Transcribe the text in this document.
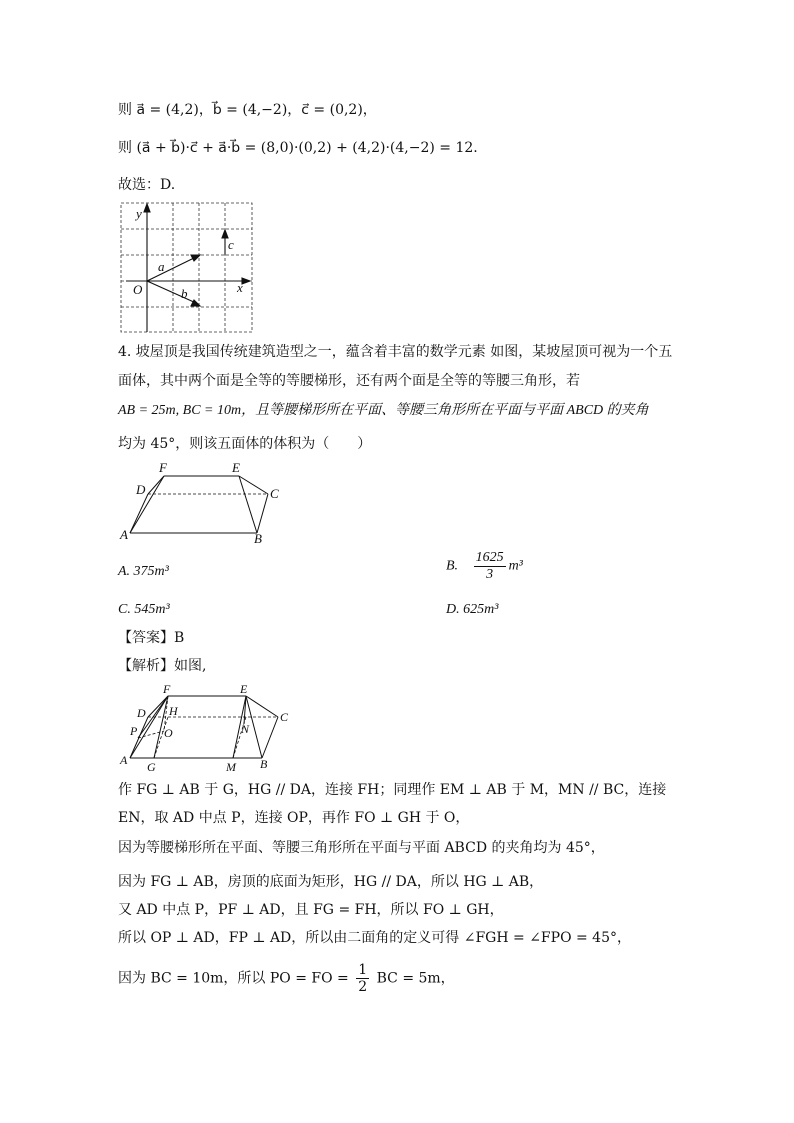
则 a⃗ = (4,2)，b⃗ = (4,−2)，c⃗ = (0,2)，
则 (a⃗ + b⃗)·c⃗ + a⃗·b⃗ = (8,0)·(0,2) + (4,2)·(4,−2) = 12.
故选：D.
y
x
O
a⃗
b⃗
c⃗
4. 坡屋顶是我国传统建筑造型之一，蕴含着丰富的数学元素 如图，某坡屋顶可视为一个五
面体，其中两个面是全等的等腰梯形，还有两个面是全等的等腰三角形，若
AB = 25m, BC = 10m，且等腰梯形所在平面、等腰三角形所在平面与平面 ABCD 的夹角
均为 45°，则该五面体的体积为（　　）
F	E
D	C
A	B
A. 375m³	B. $\frac{1625}{3} m^3$
C. 545m³	D. 625m³
【答案】B
【解析】如图,
F	E
D H	C
P O	N
A G	M B
作 FG ⊥ AB 于 G，HG // DA，连接 FH；同理作 EM ⊥ AB 于 M，MN // BC，连接
EN，取 AD 中点 P，连接 OP，再作 FO ⊥ GH 于 O，
因为等腰梯形所在平面、等腰三角形所在平面与平面 ABCD 的夹角均为 45°，
因为 FG ⊥ AB，房顶的底面为矩形，HG // DA，所以 HG ⊥ AB，
又 AD 中点 P，PF ⊥ AD，且 FG = FH，所以 FO ⊥ GH，
所以 OP ⊥ AD，FP ⊥ AD，所以由二面角的定义可得 ∠FGH = ∠FPO = 45°，
因为 BC = 10m，所以 PO = FO = $\frac{1}{2}$ BC = 5m，
